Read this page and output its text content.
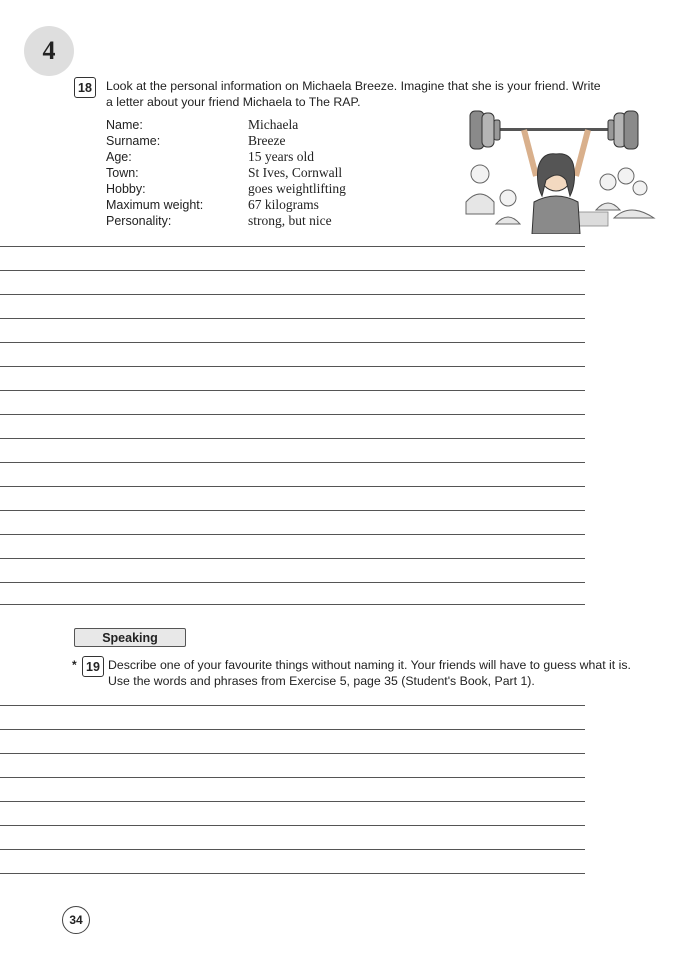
4
18	Look at the personal information on Michaela Breeze. Imagine that she is your friend. Write
a letter about your friend Michaela to The RAP.
Name:	Michaela
Surname:	Breeze
Age:	15 years old
Town:	St Ives, Cornwall
Hobby:	goes weightlifting
Maximum weight:	67 kilograms
Personality:	strong, but nice
Speaking
* 19 Describe one of your favourite things without naming it. Your friends will have to guess what it is.
Use the words and phrases from Exercise 5, page 35 (Student's Book, Part 1).
34
